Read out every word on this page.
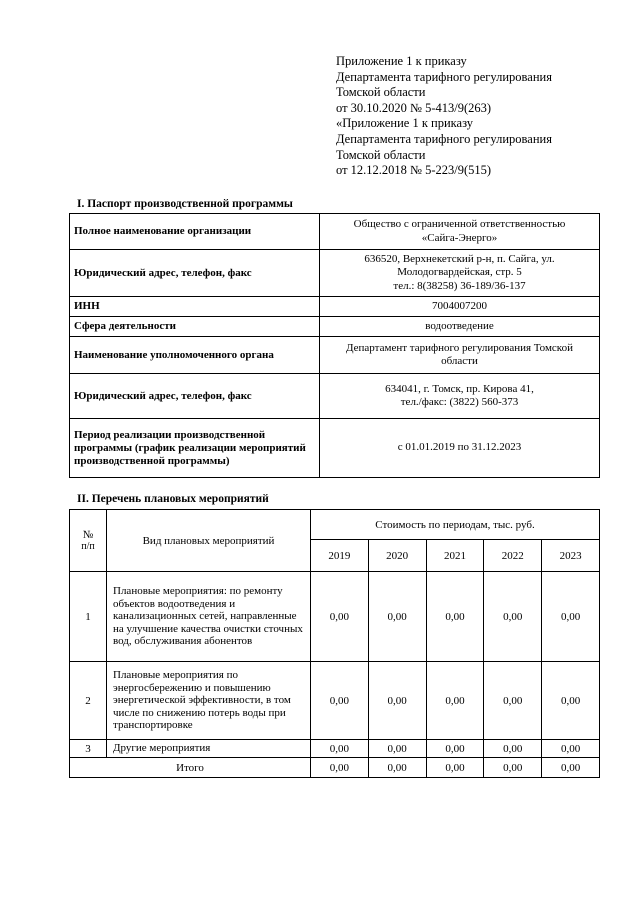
Приложение 1 к приказу
Департамента тарифного регулирования
Томской области
от 30.10.2020 № 5-413/9(263)
«Приложение 1 к приказу
Департамента тарифного регулирования
Томской области
от 12.12.2018 № 5-223/9(515)
I. Паспорт производственной программы
Полное наименование организации	Общество с ограниченной ответственностью
«Сайга-Энерго»

Юридический адрес, телефон, факс	636520, Верхнекетский р-н, п. Сайга, ул.
Молодогвардейская, стр. 5
тел.: 8(38258) 36-189/36-137

ИНН	7004007200

Сфера деятельности	водоотведение

Наименование уполномоченного органа	Департамент тарифного регулирования Томской
области

Юридический адрес, телефон, факс	634041, г. Томск, пр. Кирова 41,
тел./факс: (3822) 560-373

Период реализации производственной программы (график реализации мероприятий производственной программы)	с 01.01.2019 по 31.12.2023
II. Перечень плановых мероприятий
№
п/п	Вид плановых мероприятий	Стоимость по периодам, тыс. руб.				
		2019	2020	2021	2022	2023
1	Плановые мероприятия: по ремонту объектов водоотведения и канализационных сетей, направленные на улучшение качества очистки сточных вод, обслуживания абонентов	0,00	0,00	0,00	0,00	0,00
2	Плановые мероприятия по энергосбережению и повышению энергетической эффективности, в том числе по снижению потерь воды при транспортировке	0,00	0,00	0,00	0,00	0,00
3	Другие мероприятия	0,00	0,00	0,00	0,00	0,00
Итого		0,00	0,00	0,00	0,00	0,00
